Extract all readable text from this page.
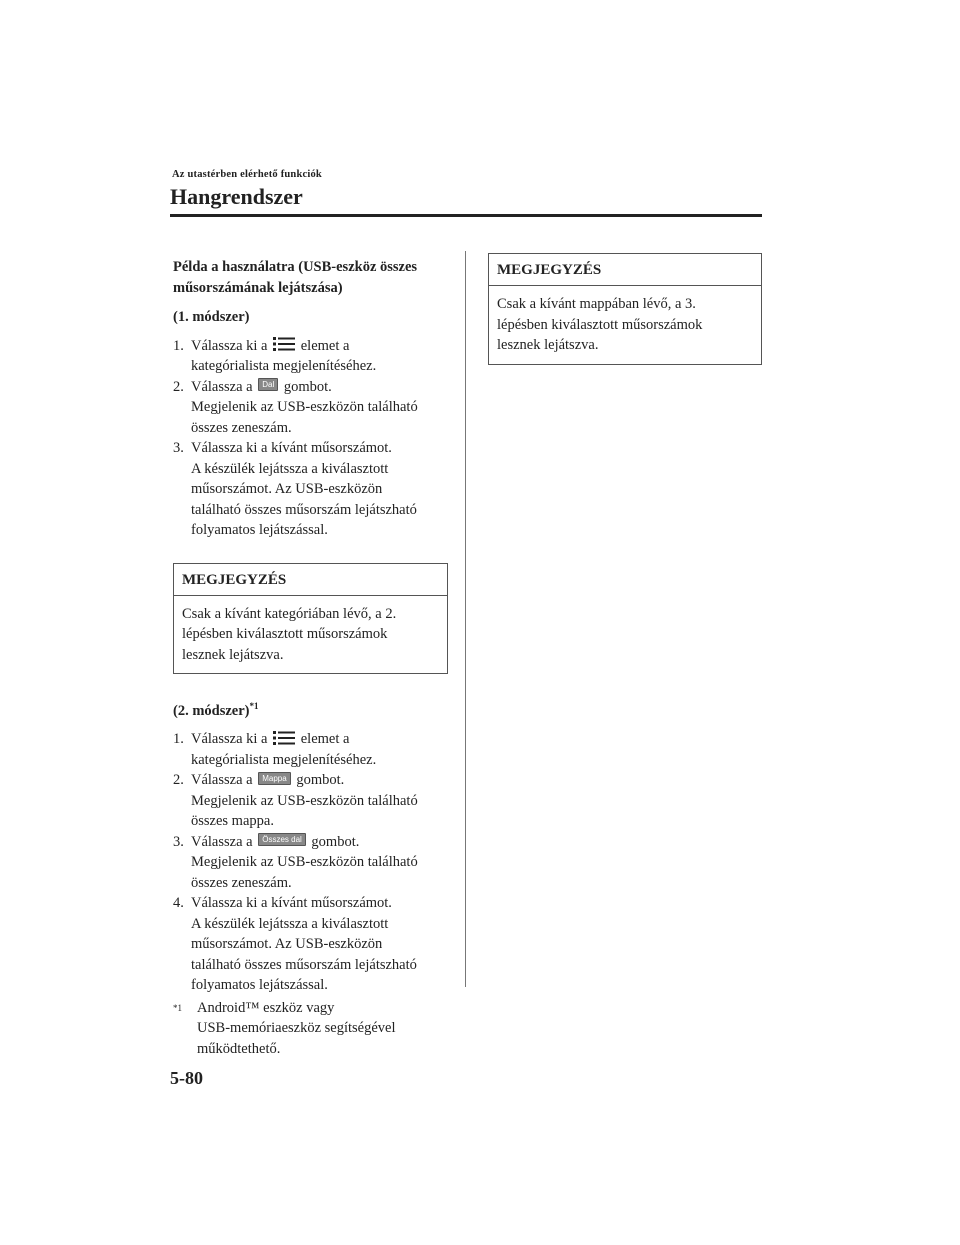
Az utastérben elérhető funkciók
Hangrendszer

Példa a használatra (USB-eszköz összes műsorszámának lejátszása)

(1. módszer)

1. Válassza ki a elemet a
kategórialista megjelenítéséhez.
2. Válassza a Dal gombot.
Megjelenik az USB-eszközön található
összes zeneszám.
3. Válassza ki a kívánt műsorszámot.
A készülék lejátssza a kiválasztott
műsorszámot. Az USB-eszközön
található összes műsorszám lejátszható
folyamatos lejátszással.
MEGJEGYZÉS
Csak a kívánt kategóriában lévő, a 2.
lépésben kiválasztott műsorszámok
lesznek lejátszva.

(2. módszer)$^{*1}$

1. Válassza ki a elemet a
kategórialista megjelenítéséhez.
2. Válassza a Mappa gombot.
Megjelenik az USB-eszközön található
összes mappa.
3. Válassza a Összes dal gombot.
Megjelenik az USB-eszközön található
összes zeneszám.
4. Válassza ki a kívánt műsorszámot.
A készülék lejátssza a kiválasztott
műsorszámot. Az USB-eszközön
található összes műsorszám lejátszható
folyamatos lejátszással.
*1 Android™ eszköz vagy
USB-memóriaeszköz segítségével
működtethető.
MEGJEGYZÉS
Csak a kívánt mappában lévő, a 3.
lépésben kiválasztott műsorszámok
lesznek lejátszva.
5-80
